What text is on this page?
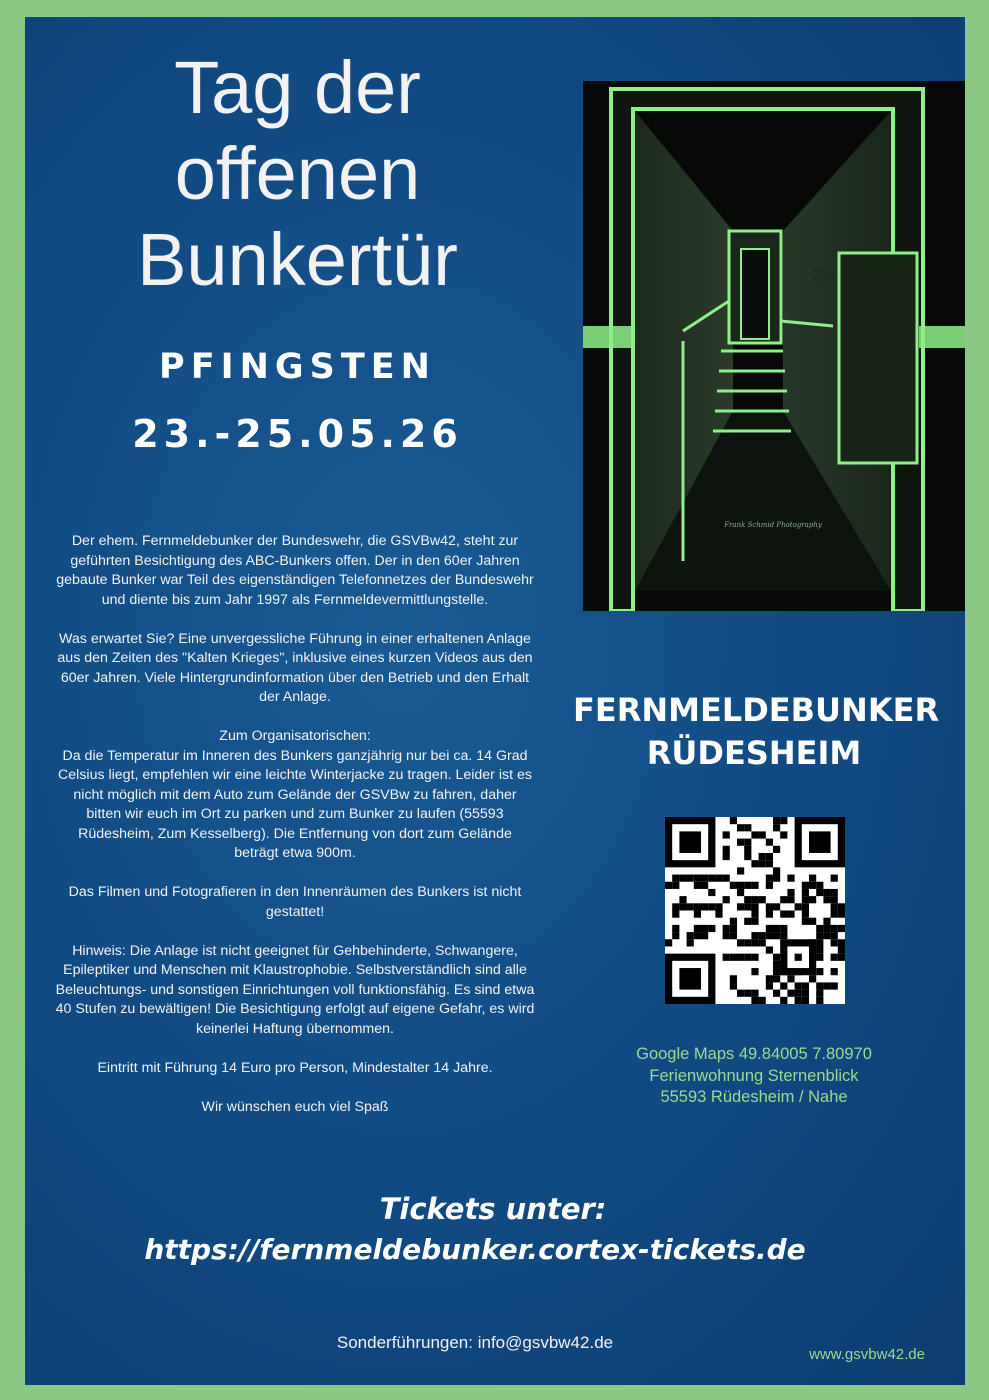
Tag der
offenen
Bunkertür
PFINGSTEN
23.-25.05.26

Der ehem. Fernmeldebunker der Bundeswehr, die GSVBw42, steht zur geführten Besichtigung des ABC-Bunkers offen. Der in den 60er Jahren gebaute Bunker war Teil des eigenständigen Telefonnetzes der Bundeswehr und diente bis zum Jahr 1997 als Fernmeldevermittlungstelle.

Was erwartet Sie? Eine unvergessliche Führung in einer erhaltenen Anlage aus den Zeiten des "Kalten Krieges", inklusive eines kurzen Videos aus den 60er Jahren. Viele Hintergrundinformation über den Betrieb und den Erhalt der Anlage.

Zum Organisatorischen:
Da die Temperatur im Inneren des Bunkers ganzjährig nur bei ca. 14 Grad Celsius liegt, empfehlen wir eine leichte Winterjacke zu tragen. Leider ist es nicht möglich mit dem Auto zum Gelände der GSVBw zu fahren, daher bitten wir euch im Ort zu parken und zum Bunker zu laufen (55593 Rüdesheim, Zum Kesselberg). Die Entfernung von dort zum Gelände beträgt etwa 900m.

Das Filmen und Fotografieren in den Innenräumen des Bunkers ist nicht gestattet!

Hinweis: Die Anlage ist nicht geeignet für Gehbehinderte, Schwangere, Epileptiker und Menschen mit Klaustrophobie. Selbstverständlich sind alle Beleuchtungs- und sonstigen Einrichtungen voll funktionsfähig. Es sind etwa 40 Stufen zu bewältigen! Die Besichtigung erfolgt auf eigene Gefahr, es wird keinerlei Haftung übernommen.

Eintritt mit Führung 14 Euro pro Person, Mindestalter 14 Jahre.

Wir wünschen euch viel Spaß

23
Frank Schmid Photography
FERNMELDEBUNKER
RÜDESHEIM
Google Maps 49.84005 7.80970
Ferienwohnung Sternenblick
55593 Rüdesheim / Nahe
Tickets unter:
https://fernmeldebunker.cortex-tickets.de
Sonderführungen: info@gsvbw42.de
www.gsvbw42.de
